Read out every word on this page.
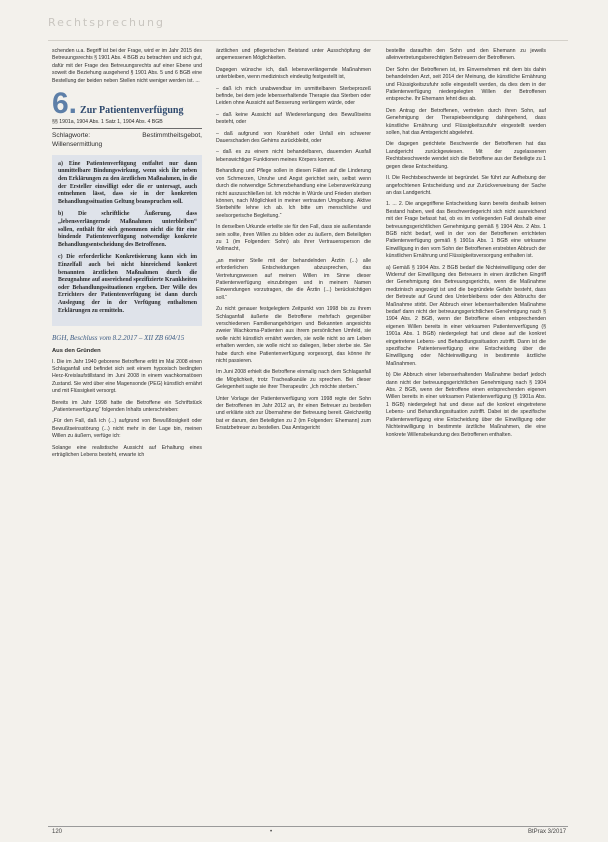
Rechtsprechung

schenden u.a. Begriff ist bei der Frage, wird er im Jahr 2015 des Betreuungsrechts § 1901 Abs. 4 BGB zu betrachten und sich gut, dafür mit der Frage des Betreuungsrechts auf einer Ebene und soweit die Beziehung ausgehend § 1901 Abs. 5 und 6 BGB eine Bestellung der beiden neben Stellen nicht weniger werden ist. ...

6. Zur Patientenverfügung
§§ 1901a, 1904 Abs. 1 Satz 1, 1904 Abs. 4 BGB
Schlagworte: Bestimmtheitsgebot, Willensermittlung

a) Eine Patientenverfügung entfaltet nur dann unmittelbare Bindungswirkung, wenn sich ihr neben den Erklärungen zu den ärztlichen Maßnahmen, in die der Ersteller einwilligt oder die er untersagt, auch entnehmen lässt, dass sie in der konkreten Behandlungssituation Geltung beanspruchen soll.

b) Die schriftliche Äußerung, dass „lebensverlängernde Maßnahmen unterbleiben“ sollen, enthält für sich genommen nicht die für eine bindende Patientenverfügung notwendige konkrete Behandlungsentscheidung des Betroffenen.

c) Die erforderliche Konkretisierung kann sich im Einzelfall auch bei nicht hinreichend konkret benannten ärztlichen Maßnahmen durch die Bezugnahme auf ausreichend spezifizierte Krankheiten oder Behandlungssituationen ergeben. Der Wille des Errichters der Patientenverfügung ist dann durch Auslegung der in der Verfügung enthaltenen Erklärungen zu ermitteln.

BGH, Beschluss vom 8.2.2017 – XII ZB 604/15
Aus den Gründen

I. Die im Jahr 1940 geborene Betroffene erlitt im Mai 2008 einen Schlaganfall und befindet sich seit einem hypoxisch bedingten Herz-Kreislaufstillstand im Juni 2008 in einem wachkomatösen Zustand. Sie wird über eine Magensonde (PEG) künstlich ernährt und mit Flüssigkeit versorgt.

Bereits im Jahr 1998 hatte die Betroffene ein Schriftstück „Patientenverfügung“ folgenden Inhalts unterschrieben:

„Für den Fall, daß ich (...) aufgrund von Bewußtlosigkeit oder Bewußtseinsstörung (...) nicht mehr in der Lage bin, meinen Willen zu äußern, verfüge ich:

Solange eine realistische Aussicht auf Erhaltung eines erträglichen Lebens besteht, erwarte ich

ärztlichen und pflegerischen Beistand unter Ausschöpfung der angemessenen Möglichkeiten.

Dagegen wünsche ich, daß lebensverlängernde Maßnahmen unterbleiben, wenn medizinisch eindeutig festgestellt ist,

– daß ich mich unabwendbar im unmittelbaren Sterbeprozeß befinde, bei dem jede lebenserhaltende Therapie das Sterben oder Leiden ohne Aussicht auf Besserung verlängern würde, oder

– daß keine Aussicht auf Wiedererlangung des Bewußtseins besteht, oder

– daß aufgrund von Krankheit oder Unfall ein schwerer Dauerschaden des Gehirns zurückbleibt, oder

– daß es zu einem nicht behandelbaren, dauernden Ausfall lebenswichtiger Funktionen meines Körpers kommt.

Behandlung und Pflege sollen in diesen Fällen auf die Linderung von Schmerzen, Unruhe und Angst gerichtet sein, selbst wenn durch die notwendige Schmerzbehandlung eine Lebensverkürzung nicht auszuschließen ist. Ich möchte in Würde und Frieden sterben können, nach Möglichkeit in meiner vertrauten Umgebung. Aktive Sterbehilfe lehne ich ab. Ich bitte um menschliche und seelsorgerische Begleitung.“

In derselben Urkunde erteilte sie für den Fall, dass sie außerstande sein sollte, ihren Willen zu bilden oder zu äußern, dem Beteiligten zu 1 (im Folgenden: Sohn) als ihrer Vertrauensperson die Vollmacht,

„an meiner Stelle mit der behandelnden Ärztin (...) alle erforderlichen Entscheidungen abzusprechen, das Vertretungswesen auf meinen Willen im Sinne dieser Patientenverfügung einzubringen und in meinem Namen Einwendungen vorzutragen, die die Ärztin (...) berücksichtigen soll.“

Zu nicht genauer festgelegtem Zeitpunkt von 1998 bis zu ihrem Schlaganfall äußerte die Betroffene mehrfach gegenüber verschiedenen Familienangehörigen und Bekannten angesichts zweier Wachkoma-Patienten aus ihrem persönlichen Umfeld, sie wolle nicht künstlich ernährt werden, sie wolle nicht so am Leben erhalten werden, sie wolle nicht so daliegen, lieber sterbe sie. Sie habe durch eine Patientenverfügung vorgesorgt, das könne ihr nicht passieren.

Im Juni 2008 erhielt die Betroffene einmalig nach dem Schlaganfall die Möglichkeit, trotz Trachealkanüle zu sprechen. Bei dieser Gelegenheit sagte sie ihrer Therapeutin: „Ich möchte sterben.“

Unter Vorlage der Patientenverfügung vom 1998 regte der Sohn der Betroffenen im Jahr 2012 an, ihr einen Betreuer zu bestellen und erklärte sich zur Übernahme der Betreuung bereit. Gleichzeitig bat er darum, den Beteiligten zu 2 (im Folgenden: Ehemann) zum Ersatzbetreuer zu bestellen. Das Amtsgericht

bestellte daraufhin den Sohn und den Ehemann zu jeweils alleinvertretungsberechtigten Betreuern der Betroffenen.

Der Sohn der Betroffenen ist, im Einvernehmen mit dem bis dahin behandelnden Arzt, seit 2014 der Meinung, die künstliche Ernährung und Flüssigkeitszufuhr solle eingestellt werden, da dies dem in der Patientenverfügung niedergelegten Willen der Betroffenen entspreche. Ihr Ehemann lehnt dies ab.

Den Antrag der Betroffenen, vertreten durch ihren Sohn, auf Genehmigung der Therapiebeendigung dahingehend, dass künstliche Ernährung und Flüssigkeitszufuhr eingestellt werden sollen, hat das Amtsgericht abgelehnt.

Die dagegen gerichtete Beschwerde der Betroffenen hat das Landgericht zurückgewiesen. Mit der zugelassenen Rechtsbeschwerde wendet sich die Betroffene aus der Beteiligte zu 1 gegen diese Entscheidung.

II. Die Rechtsbeschwerde ist begründet. Sie führt zur Aufhebung der angefochtenen Entscheidung und zur Zurückverweisung der Sache an das Landgericht.

1. ... 2. Die angegriffene Entscheidung kann bereits deshalb keinen Bestand haben, weil das Beschwerdegericht sich nicht ausreichend mit der Frage befasst hat, ob es im vorliegenden Fall deshalb einer betreuungsgerichtlichen Genehmigung gemäß § 1904 Abs. 2 Abs. 1 BGB nicht bedarf, weil in der von der Betroffenen errichteten Patientenverfügung gemäß § 1901a Abs. 1 BGB eine wirksame Einwilligung in den vom Sohn der Betroffenen erstrebten Abbruch der künstlichen Ernährung und Flüssigkeitsversorgung enthalten ist.

a) Gemäß § 1904 Abs. 2 BGB bedarf die Nichteinwilligung oder der Widerruf der Einwilligung des Betreuers in einen ärztlichen Eingriff der Genehmigung des Betreuungsgerichts, wenn die Maßnahme medizinisch angezeigt ist und die begründete Gefahr besteht, dass der Betreute auf Grund des Unterbleibens oder des Abbruchs der Maßnahme stirbt. Der Abbruch einer lebenserhaltenden Maßnahme bedarf dann nicht der betreuungsgerichtlichen Genehmigung nach § 1904 Abs. 2 BGB, wenn der Betroffene einen entsprechenden eigenen Willen bereits in einer wirksamen Patientenverfügung (§ 1901a Abs. 1 BGB) niedergelegt hat und diese auf die konkret eingetretene Lebens- und Behandlungssituation zutrifft. Dann ist die spezifische Patientenverfügung eine Entscheidung über die Einwilligung oder Nichteinwilligung in bestimmte ärztliche Maßnahmen.

b) Die Abbruch einer lebenserhaltenden Maßnahme bedarf jedoch dann nicht der betreuungsgerichtlichen Genehmigung nach § 1904 Abs. 2 BGB, wenn der Betroffene einen entsprechenden eigenen Willen bereits in einer wirksamen Patientenverfügung (§ 1901a Abs. 1 BGB) niedergelegt hat und diese auf die konkret eingetretene Lebens- und Behandlungssituation zutrifft. Dabei ist die spezifische Patientenverfügung eine Entscheidung über die Einwilligung oder Nichteinwilligung in bestimmte ärztliche Maßnahmen, die eine konkrete Willensbekundung des Betroffenen enthalten.

120	•	BtPrax 3/2017
